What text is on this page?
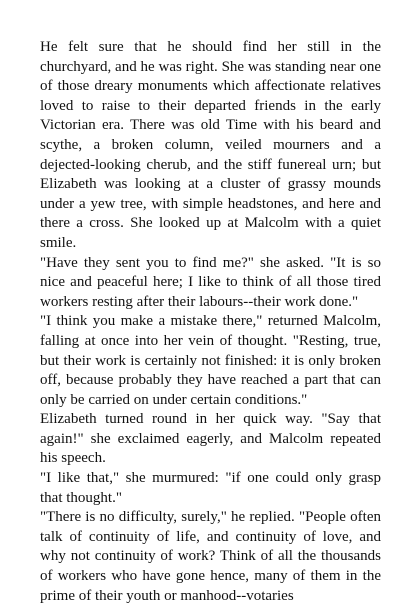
He felt sure that he should find her still in the churchyard, and he was right. She was standing near one of those dreary monuments which affectionate relatives loved to raise to their departed friends in the early Victorian era. There was old Time with his beard and scythe, a broken column, veiled mourners and a dejected-looking cherub, and the stiff funereal urn; but Elizabeth was looking at a cluster of grassy mounds under a yew tree, with simple headstones, and here and there a cross. She looked up at Malcolm with a quiet smile.

"Have they sent you to find me?" she asked. "It is so nice and peaceful here; I like to think of all those tired workers resting after their labours--their work done."

"I think you make a mistake there," returned Malcolm, falling at once into her vein of thought. "Resting, true, but their work is certainly not finished: it is only broken off, because probably they have reached a part that can only be carried on under certain conditions."

Elizabeth turned round in her quick way. "Say that again!" she exclaimed eagerly, and Malcolm repeated his speech.

"I like that," she murmured: "if one could only grasp that thought."

"There is no difficulty, surely," he replied. "People often talk of continuity of life, and continuity of love, and why not continuity of work? Think of all the thousands of workers who have gone hence, many of them in the prime of their youth or manhood--votaries
